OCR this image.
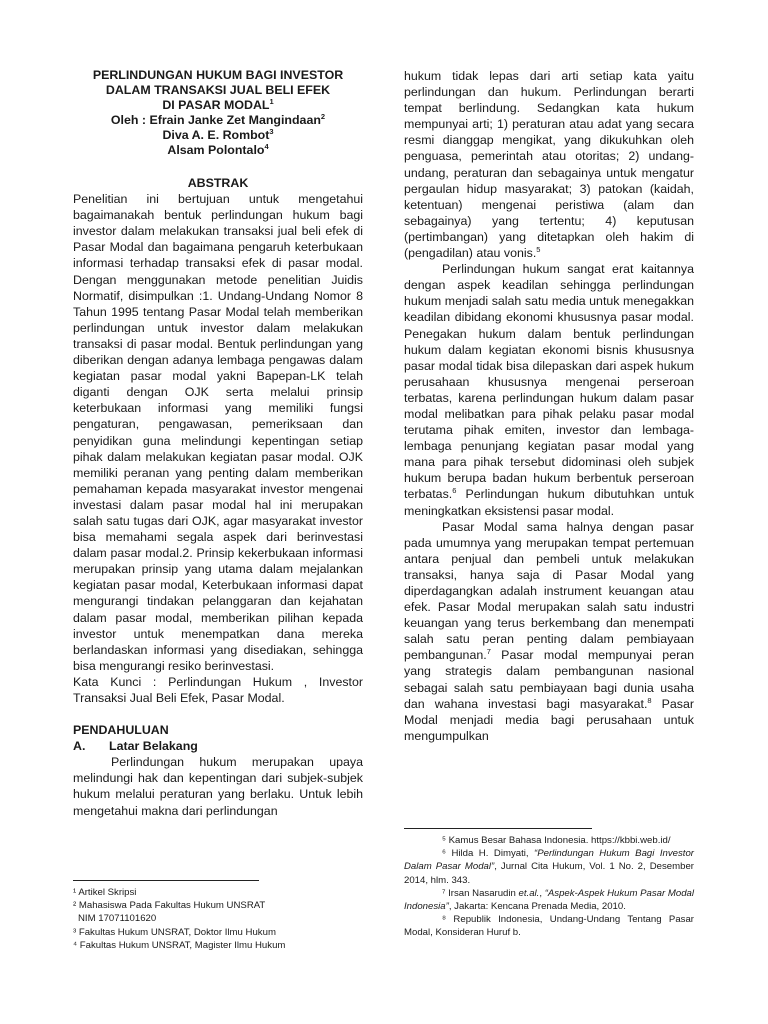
PERLINDUNGAN HUKUM BAGI INVESTOR
DALAM TRANSAKSI JUAL BELI EFEK
DI PASAR MODAL$^1$

Oleh : Efrain Janke Zet Mangindaan$^2$
Diva A. E. Rombot$^3$
Alsam Polontalo$^4$

ABSTRAK

Penelitian ini bertujuan untuk mengetahui bagaimanakah bentuk perlindungan hukum bagi investor dalam melakukan transaksi jual beli efek di Pasar Modal dan bagaimana pengaruh keterbukaan informasi terhadap transaksi efek di pasar modal. Dengan menggunakan metode penelitian Juidis Normatif, disimpulkan :1. Undang-Undang Nomor 8 Tahun 1995 tentang Pasar Modal telah memberikan perlindungan untuk investor dalam melakukan transaksi di pasar modal. Bentuk perlindungan yang diberikan dengan adanya lembaga pengawas dalam kegiatan pasar modal yakni Bapepan-LK telah diganti dengan OJK serta melalui prinsip keterbukaan informasi yang memiliki fungsi pengaturan, pengawasan, pemeriksaan dan penyidikan guna melindungi kepentingan setiap pihak dalam melakukan kegiatan pasar modal. OJK memiliki peranan yang penting dalam memberikan pemahaman kepada masyarakat investor mengenai investasi dalam pasar modal hal ini merupakan salah satu tugas dari OJK, agar masyarakat investor bisa memahami segala aspek dari berinvestasi dalam pasar modal.2. Prinsip kekerbukaan informasi merupakan prinsip yang utama dalam mejalankan kegiatan pasar modal, Keterbukaan informasi dapat mengurangi tindakan pelanggaran dan kejahatan dalam pasar modal, memberikan pilihan kepada investor untuk menempatkan dana mereka berlandaskan informasi yang disediakan, sehingga bisa mengurangi resiko berinvestasi.

Kata Kunci : Perlindungan Hukum , Investor Transaksi Jual Beli Efek, Pasar Modal.

PENDAHULUAN

A. Latar Belakang

Perlindungan hukum merupakan upaya melindungi hak dan kepentingan dari subjek-subjek hukum melalui peraturan yang berlaku. Untuk lebih mengetahui makna dari perlindungan

hukum tidak lepas dari arti setiap kata yaitu perlindungan dan hukum. Perlindungan berarti tempat berlindung. Sedangkan kata hukum mempunyai arti; 1) peraturan atau adat yang secara resmi dianggap mengikat, yang dikukuhkan oleh penguasa, pemerintah atau otoritas; 2) undang-undang, peraturan dan sebagainya untuk mengatur pergaulan hidup masyarakat; 3) patokan (kaidah, ketentuan) mengenai peristiwa (alam dan sebagainya) yang tertentu; 4) keputusan (pertimbangan) yang ditetapkan oleh hakim di (pengadilan) atau vonis.$^5$

Perlindungan hukum sangat erat kaitannya dengan aspek keadilan sehingga perlindungan hukum menjadi salah satu media untuk menegakkan keadilan dibidang ekonomi khususnya pasar modal. Penegakan hukum dalam bentuk perlindungan hukum dalam kegiatan ekonomi bisnis khususnya pasar modal tidak bisa dilepaskan dari aspek hukum perusahaan khususnya mengenai perseroan terbatas, karena perlindungan hukum dalam pasar modal melibatkan para pihak pelaku pasar modal terutama pihak emiten, investor dan lembaga-lembaga penunjang kegiatan pasar modal yang mana para pihak tersebut didominasi oleh subjek hukum berupa badan hukum berbentuk perseroan terbatas.$^6$ Perlindungan hukum dibutuhkan untuk meningkatkan eksistensi pasar modal.

Pasar Modal sama halnya dengan pasar pada umumnya yang merupakan tempat pertemuan antara penjual dan pembeli untuk melakukan transaksi, hanya saja di Pasar Modal yang diperdagangkan adalah instrument keuangan atau efek. Pasar Modal merupakan salah satu industri keuangan yang terus berkembang dan menempati salah satu peran penting dalam pembiayaan pembangunan.$^7$ Pasar modal mempunyai peran yang strategis dalam pembangunan nasional sebagai salah satu pembiayaan bagi dunia usaha dan wahana investasi bagi masyarakat.$^8$ Pasar Modal menjadi media bagi perusahaan untuk mengumpulkan

¹ Artikel Skripsi

² Mahasiswa Pada Fakultas Hukum UNSRAT

NIM 17071101620

³ Fakultas Hukum UNSRAT, Doktor Ilmu Hukum

⁴ Fakultas Hukum UNSRAT, Magister Ilmu Hukum

⁵ Kamus Besar Bahasa Indonesia. https://kbbi.web.id/

⁶ Hilda H. Dimyati, “Perlindungan Hukum Bagi Investor Dalam Pasar Modal”, Jurnal Cita Hukum, Vol. 1 No. 2, Desember 2014, hlm. 343.

⁷ Irsan Nasarudin et.al., “Aspek-Aspek Hukum Pasar Modal Indonesia”, Jakarta: Kencana Prenada Media, 2010.

⁸ Republik Indonesia, Undang-Undang Tentang Pasar Modal, Konsideran Huruf b.
